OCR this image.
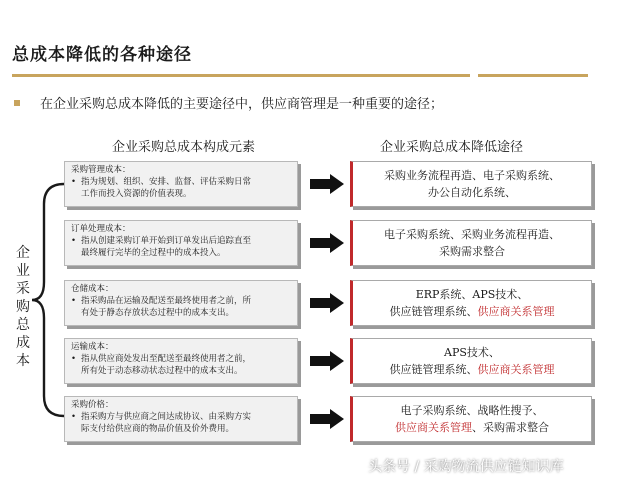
总成本降低的各种途径
在企业采购总成本降低的主要途径中，供应商管理是一种重要的途径；
企业采购总成本构成元素	企业采购总成本降低途径
企
业
采
购
总
成
本
采购管理成本：
• 指为规划、组织、安排、监督、评估采购日常
工作而投入资源的价值表现。
采购业务流程再造、电子采购系统、
办公自动化系统、
订单处理成本：
• 指从创建采购订单开始到订单发出后追踪直至
最终履行完毕的全过程中的成本投入。
电子采购系统、采购业务流程再造、
采购需求整合
仓储成本：
• 指采购品在运输及配送至最终使用者之前，所
有处于静态存放状态过程中的成本支出。
ERP系统、APS技术、
供应链管理系统、供应商关系管理
运输成本：
• 指从供应商处发出至配送至最终使用者之前，
所有处于动态移动状态过程中的成本支出。
APS技术、
供应链管理系统、供应商关系管理
采购价格：
• 指采购方与供应商之间达成协议、由采购方实
际支付给供应商的物品价值及价外费用。
电子采购系统、战略性搜予、
供应商关系管理、采购需求整合
头条号 / 采购物流供应链知识库
